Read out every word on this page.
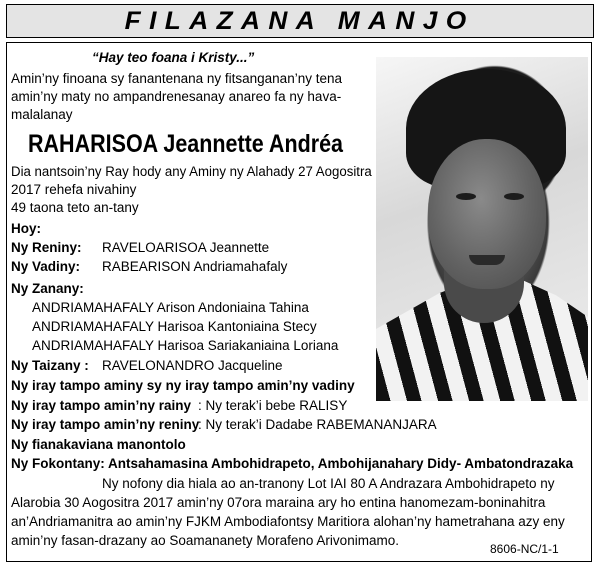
FILAZANA MANJO
“Hay teo foana i Kristy...”
Amin’ny finoana sy fanantenana ny fitsanganan’ny tena
amin’ny maty no ampandrenesanay anareo fa ny hava-
malalanay
RAHARISOA Jeannette Andréa
Dia nantsoin’ny Ray hody any Aminy ny Alahady 27 Aogositra
2017 rehefa nivahiny
49 taona teto an-tany
Hoy:
Ny Reniny: RAVELOARISOA Jeannette
Ny Vadiny: RABEARISON Andriamahafaly
Ny Zanany:
ANDRIAMAHAFALY Arison Andoniaina Tahina
ANDRIAMAHAFALY Harisoa Kantoniaina Stecy
ANDRIAMAHAFALY Harisoa Sariakaniaina Loriana
Ny Taizany : RAVELONANDRO Jacqueline
Ny iray tampo aminy sy ny iray tampo amin’ny vadiny
Ny iray tampo amin’ny rainy : Ny terak’i bebe RALISY
Ny iray tampo amin’ny reniny
: Ny terak’i Dadabe RABEMANANJARA
Ny fianakaviana manontolo
Ny Fokontany: Antsahamasina Ambohidrapeto, Ambohijanahary Didy- Ambatondrazaka
Ny nofony dia hiala ao an-tranony Lot IAI 80 A Andrazara Ambohidrapeto ny
Alarobia 30 Aogositra 2017 amin’ny 07ora maraina ary ho entina hanomezam-boninahitra
an’Andriamanitra ao amin’ny FJKM Ambodiafontsy Maritiora alohan’ny hametrahana azy eny
amin’ny fasan-drazany ao Soamananety Morafeno Arivonimamo.
8606-NC/1-1
